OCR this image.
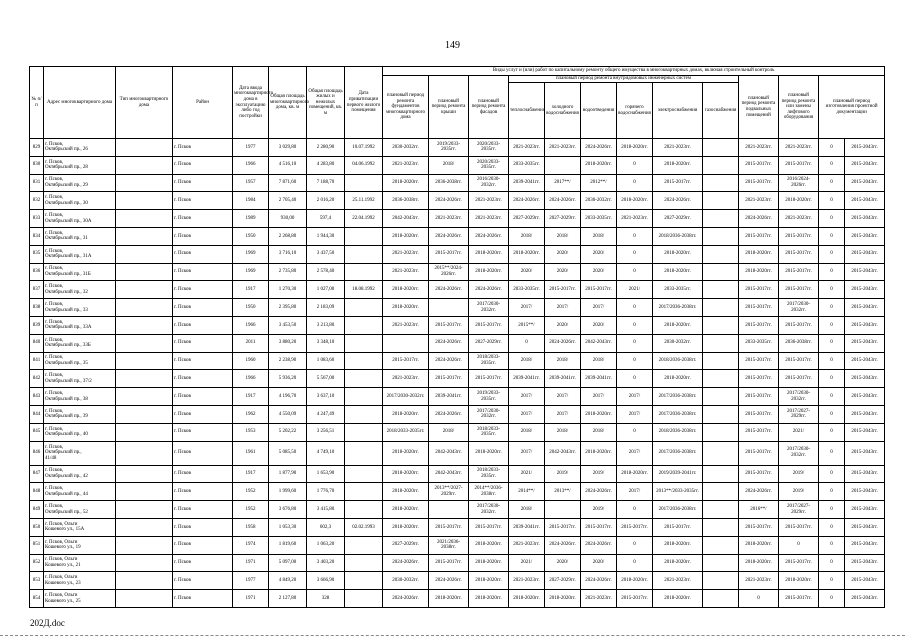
149
№ п/п	Адрес многоквартирного дома	Тип многоквартирного дома	Район	Дата ввода многоквартирного дома в эксплуатацию либо год постройки	Общая площадь многоквартирного дома, кв. м	Общая площадь жилых и нежилых помещений, кв. м	Дата приватизации первого жилого помещения	Виды услуг и (или) работ по капитальному ремонту общего имущества в многоквартирных домах, включая строительный контроль												
								плановый период ремонта фундаментов многоквартирного дома	плановый период ремонта крыши	плановый период ремонта фасадов	плановый период ремонта внутридомовых инженерных систем						плановый период ремонта подвальных помещений	плановый период ремонта или замены лифтового оборудования	плановый период изготовления проектной документации	
											теплоснабжения	холодного водоснабжения	водоотведения	горячего водоснабжения	электроснабжения	газоснабжения				
829	г. Псков,
Октябрьский пр., 26		г. Псков	1977	3 029,80	2 280,90	10.07.1992	2030-2032гг.	2019/2033-2035гг.	2020/2033-2035гг.	2021-2023гг.	2021-2023гг.	2024-2026гг.	2018-2020гг.	2021-2023гг.		2021-2023гг.	2021-2023гг.	0	2015-2043гг.
830	г. Псков,
Октябрьский пр., 28		г. Псков	1966	4 516,10	4 283,80	04.06.1992	2021-2023гг.	2018/	2020/2033-2035гг.	2033-2035гг.		2018-2020гг.	0	2018-2020гг.		2015-2017гг.	2015-2017гг.	0	2015-2043гг.
831	г. Псков,
Октябрьский пр., 29		г. Псков	1957	7 871,60	7 188,70		2018-2020гг.	2036-2038гг.	2016/2030-2032гг.	2039-2041гг.	2017**/	2012**/	0	2015-2017гг.		2015-2017гг.	2016/2024-2026гг.	0	2015-2043гг.
832	г. Псков,
Октябрьский пр., 30		г. Псков	1984	2 705,40	2 016,20	25.11.1992	2036-2038гг.	2024-2026гг.	2021-2023гг.	2024-2026гг.	2024-2026гг.	2030-2032гг.	2018-2020гг.	2024-2026гг.		2021-2023гг.	2018-2020гг.	0	2015-2043гг.
833	г. Псков,
Октябрьский пр., 30А		г. Псков	1989	930,00	597,4	22.04.1992	2042-2043гг.	2021-2023гг.	2021-2023гг.	2027-2029гг.	2027-2029гг.	2033-2035гг.	2021-2023гг.	2027-2029гг.		2024-2026гг.	2021-2023гг.	0	2015-2043гг.
834	г. Псков,
Октябрьский пр., 31		г. Псков	1950	2 268,80	1 944,30		2018-2020гг.	2024-2026гг.	2024-2026гг.	2018/	2018/	2018/	0	2018/2036-2038гг.		2015-2017гг.	2015-2017гг.	0	2015-2043гг.
835	г. Псков,
Октябрьский пр., 31А		г. Псков	1969	3 716,10	3 437,50		2021-2023гг.	2015-2017гг.	2018-2020гг.	2018-2020гг.	2020/	2020/	0	2018-2020гг.		2018-2020гг.	2015-2017гг.	0	2015-2043гг.
836	г. Псков,
Октябрьский пр., 31Б		г. Псков	1969	2 735,80	2 578,40		2021-2023гг.	2015**/2024-2026гг.	2018-2020гг.	2020/	2020/	2020/	0	2018-2020гг.		2018-2020гг.	2015-2017гг.	0	2015-2043гг.
837	г. Псков,
Октябрьский пр., 32		г. Псков	1917	1 270,30	1 027,00	18.08.1992	2018-2020гг.	2024-2026гг.	2024-2026гг.	2033-2035гг.	2015-2017гг.	2015-2017гг.	2021/	2033-2035гг.		2015-2017гг.	2015-2017гг.	0	2015-2043гг.
838	г. Псков,
Октябрьский пр., 33		г. Псков	1950	2 395,80	2 183,09		2018-2020гг.		2017/2030-2032гг.	2017/	2017/	2017/	0	2017/2036-2038гг.		2015-2017гг.	2017/2030-2032гг.	0	2015-2043гг.
839	г. Псков,
Октябрьский пр., 33А		г. Псков	1966	3 453,50	3 213,80		2021-2023гг.	2015-2017гг.	2015-2017гг.	2015**/	2020/	2020/	0	2018-2020гг.		2015-2017гг.	2015-2017гг.	0	2015-2043гг.
840	г. Псков,
Октябрьский пр., 33Б		г. Псков	2011	3 880,20	3 348,10			2024-2026гг.	2027-2029гг.	0	2024-2026гг.	2042-2043гг.	0	2030-2032гг.		2033-2035гг.	2036-2038гг.	0	2015-2043гг.
841	г. Псков,
Октябрьский пр., 35		г. Псков	1960	2 238,90	1 083,60		2015-2017гг.	2024-2026гг.	2018/2033-2035гг.	2018/	2018/	2018/	0	2018/2036-2038гг.		2015-2017гг.	2015-2017гг.	0	2015-2043гг.
842	г. Псков,
Октябрьский пр., 37/2		г. Псков	1966	5 936,20	5 567,00		2021-2023гг.	2015-2017гг.	2015-2017гг.	2039-2041гг.	2039-2041гг.	2039-2041гг.	0	2018-2020гг.		2015-2017гг.	2015-2017гг.	0	2015-2043гг.
843	г. Псков,
Октябрьский пр., 38		г. Псков	1917	4 196,70	3 637,10		2017/2030-2032гг.	2039-2041гг.	2019/2033-2035гг.	2017/	2017/	2017/	2017/	2017/2036-2038гг.		2015-2017гг.	2017/2030-2032гг.	0	2015-2043гг.
844	г. Псков,
Октябрьский пр., 39		г. Псков	1962	4 550,09	4 247,49		2018-2020гг.	2024-2026гг.	2017/2030-2032гг.	2017/	2017/	2018-2020гг.	2017/	2017/2036-2038гг.		2015-2017гг.	2017/2027-2029гг.	0	2015-2043гг.
845	г. Псков,
Октябрьский пр., 40		г. Псков	1953	5 202,22	3 256,51		2018/2033-2035гг.	2018/	2018/2033-2035гг.	2018/	2018/	2018/	0	2018/2036-2038гг.		2015-2017гг.	2021/	0	2015-2043гг.
846	г. Псков,
Октябрьский пр.,
41/48		г. Псков	1961	5 085,50	4 749,10		2018-2020гг.	2042-2043гг.	2018-2020гг.	2017/	2042-2043гг.	2018-2020гг.	2017/	2017/2036-2038гг.		2015-2017гг.	2017/2030-2032гг.	0	2015-2043гг.
847	г. Псков,
Октябрьский пр., 42		г. Псков	1917	1 877,90	1 653,90		2018-2020гг.	2042-2043гг.	2018/2033-2035гг.	2021/	2019/	2019/	2018-2020гг.	2019/2039-2041гг.		2015-2017гг.	2019/	0	2015-2043гг.
848	г. Псков,
Октябрьский пр., 44		г. Псков	1952	1 999,60	1 776,70		2018-2020гг.	2013**/2027-2029гг.	2014**/2036-2038гг.	2014**/	2013**/	2024-2026гг.	2017/	2013**/2033-2035гг.		2024-2026гг.	2019/	0	2015-2043гг.
849	г. Псков,
Октябрьский пр., 52		г. Псков	1952	3 676,80	3 415,80		2018-2020гг.		2017/2030-2032гг.	2018/		2019/	0	2017/2036-2038гг.		2016**/	2017/2027-2029гг.	0	2015-2043гг.
850	г. Псков, Ольги
Кошевого ул., 15А		г. Псков	1958	1 053,30	602,3	02.02.1993	2018-2020гг.	2015-2017гг.	2015-2017гг.	2039-2041гг.	2015-2017гг.	2015-2017гг.	2015-2017гг.	2015-2017гг.		2015-2017гг.	2015-2017гг.	0	2015-2043гг.
851	г. Псков, Ольги
Кошевого ул., 19		г. Псков	1974	1 819,60	1 063,20		2027-2029гг.	2021/2036-2038гг.	2018-2020гг.	2021-2023гг.	2024-2026гг.	2024-2026гг.	0	2018-2020гг.		2018-2020гг.	0	0	2015-2043гг.
852	г. Псков, Ольги
Кошевого ул., 21		г. Псков	1971	5 097,00	3 403,20		2024-2026гг.	2015-2017гг.	2018-2020гг.	2021/	2020/	2020/	0	2018-2020гг.		2018-2020гг.	2015-2017гг.	0	2015-2043гг.
853	г. Псков, Ольги
Кошевого ул., 23		г. Псков	1977	4 849,20	3 666,90		2030-2032гг.	2024-2026гг.	2018-2020гг.	2021-2023гг.	2027-2029гг.	2024-2026гг.	2018-2020гг.	2021-2023гг.		2021-2023гг.	2018-2020гг.	0	2015-2043гг.
854	г. Псков, Ольги
Кошевого ул., 25		г. Псков	1971	2 127,80	328		2024-2026гг.	2018-2020гг.	2018-2020гг.	2018-2020гг.	2018-2020гг.	2021-2023гг.	2015-2017гг.	2018-2020гг.		0	2015-2017гг.	0	2015-2043гг.
202Д.doc
